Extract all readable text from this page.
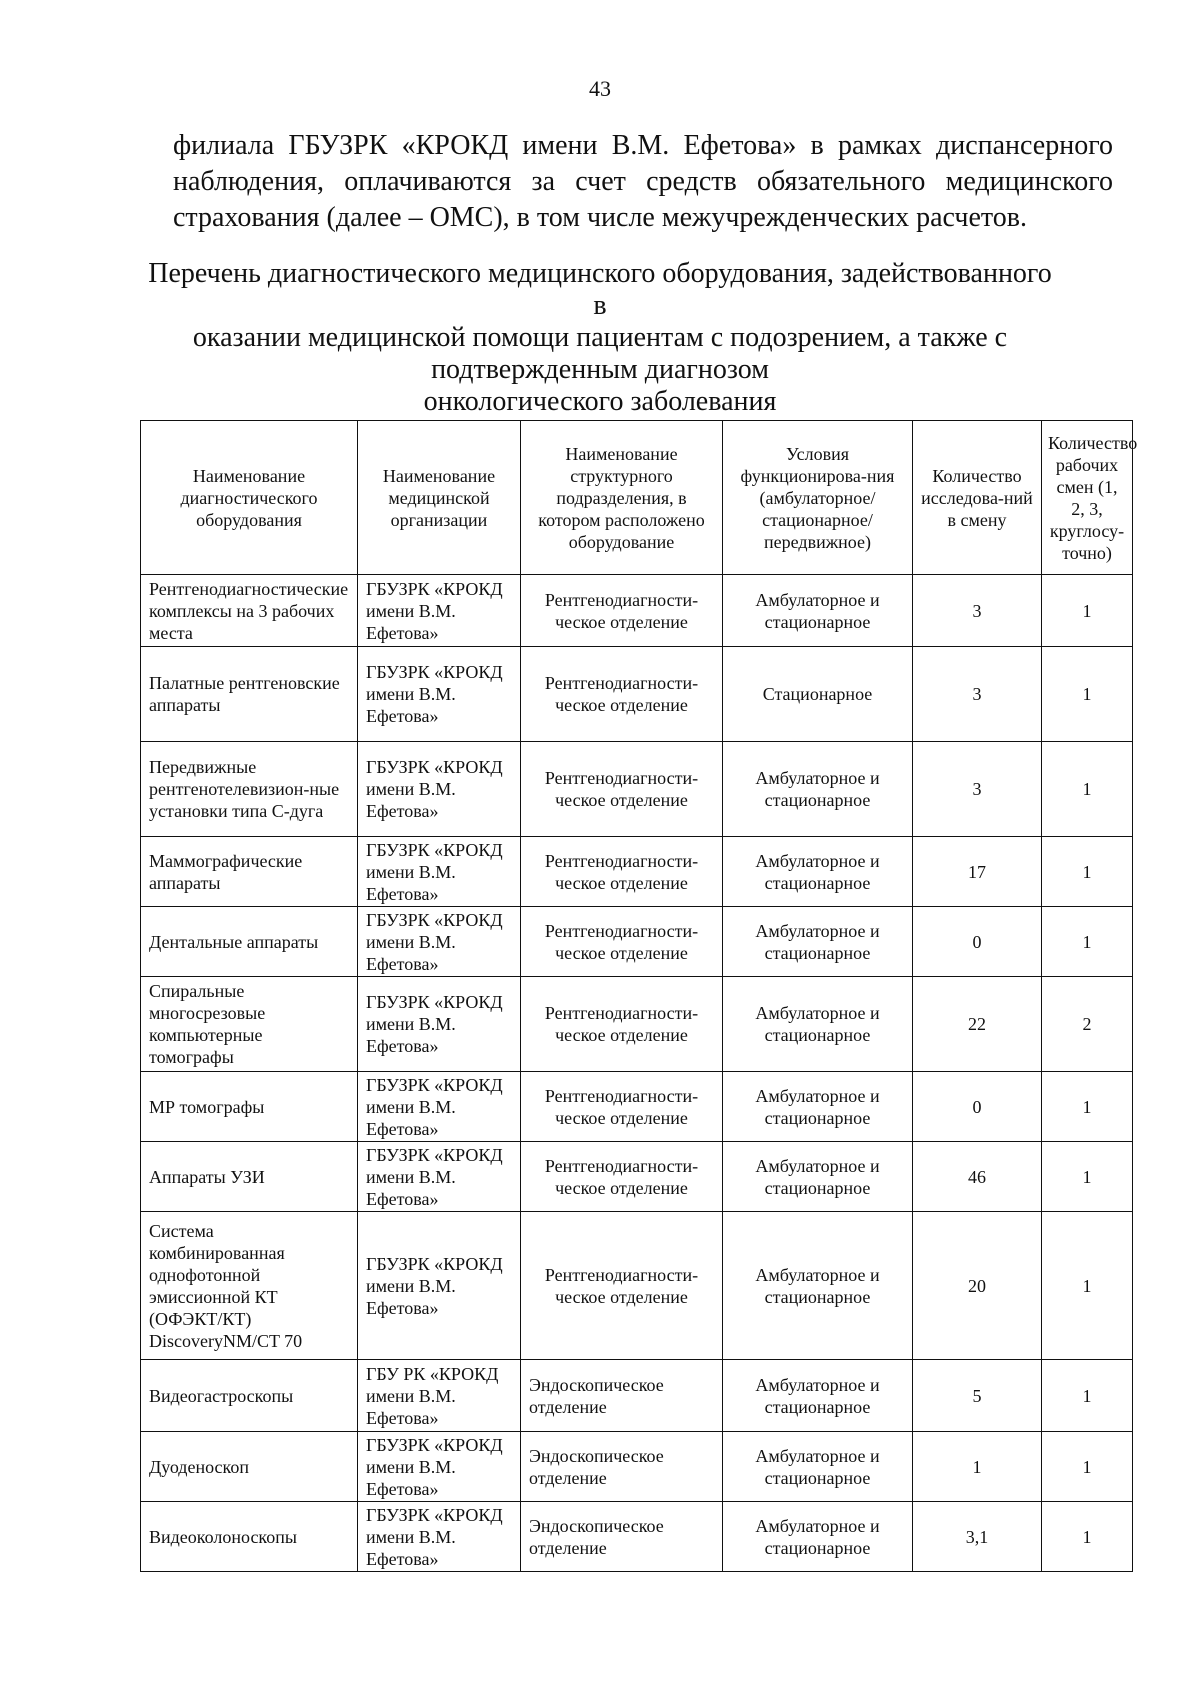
43

филиала ГБУЗРК «КРОКД имени В.М. Ефетова» в рамках диспансерного наблюдения, оплачиваются за счет средств обязательного медицинского страхования (далее – ОМС), в том числе межучрежденческих расчетов.

Перечень диагностического медицинского оборудования, задействованного в
оказании медицинской помощи пациентам с подозрением, а также с
подтвержденным диагнозом
онкологического заболевания
Наименование диагностического оборудования	Наименование медицинской организации	Наименование структурного подразделения, в котором расположено оборудование	Условия функционирова-ния (амбулаторное/ стационарное/ передвижное)	Количество исследова-ний в смену	Количество рабочих смен (1, 2, 3, круглосу-точно)
Рентгенодиагностические комплексы на 3 рабочих места	ГБУЗРК «КРОКД имени В.М. Ефетова»	Рентгенодиагности-ческое отделение	Амбулаторное и стационарное	3	1
Палатные рентгеновские аппараты	ГБУЗРК «КРОКД имени В.М. Ефетова»	Рентгенодиагности-ческое отделение	Стационарное	3	1
Передвижные рентгенотелевизион-ные установки типа С-дуга	ГБУЗРК «КРОКД имени В.М. Ефетова»	Рентгенодиагности-ческое отделение	Амбулаторное и стационарное	3	1
Маммографические аппараты	ГБУЗРК «КРОКД имени В.М. Ефетова»	Рентгенодиагности-ческое отделение	Амбулаторное и стационарное	17	1
Дентальные аппараты	ГБУЗРК «КРОКД имени В.М. Ефетова»	Рентгенодиагности-ческое отделение	Амбулаторное и стационарное	0	1
Спиральные многосрезовые компьютерные томографы	ГБУЗРК «КРОКД имени В.М. Ефетова»	Рентгенодиагности-ческое отделение	Амбулаторное и стационарное	22	2
МР томографы	ГБУЗРК «КРОКД имени В.М. Ефетова»	Рентгенодиагности-ческое отделение	Амбулаторное и стационарное	0	1
Аппараты УЗИ	ГБУЗРК «КРОКД имени В.М. Ефетова»	Рентгенодиагности-ческое отделение	Амбулаторное и стационарное	46	1
Система комбинированная однофотонной эмиссионной КТ (ОФЭКТ/КТ) DiscoveryNM/CT 70	ГБУЗРК «КРОКД имени В.М. Ефетова»	Рентгенодиагности-ческое отделение	Амбулаторное и стационарное	20	1
Видеогастроскопы	ГБУ РК «КРОКД имени В.М. Ефетова»	Эндоскопическое отделение	Амбулаторное и стационарное	5	1
Дуоденоскоп	ГБУЗРК «КРОКД имени В.М. Ефетова»	Эндоскопическое отделение	Амбулаторное и стационарное	1	1
Видеоколоноскопы	ГБУЗРК «КРОКД имени В.М. Ефетова»	Эндоскопическое отделение	Амбулаторное и стационарное	3,1	1
